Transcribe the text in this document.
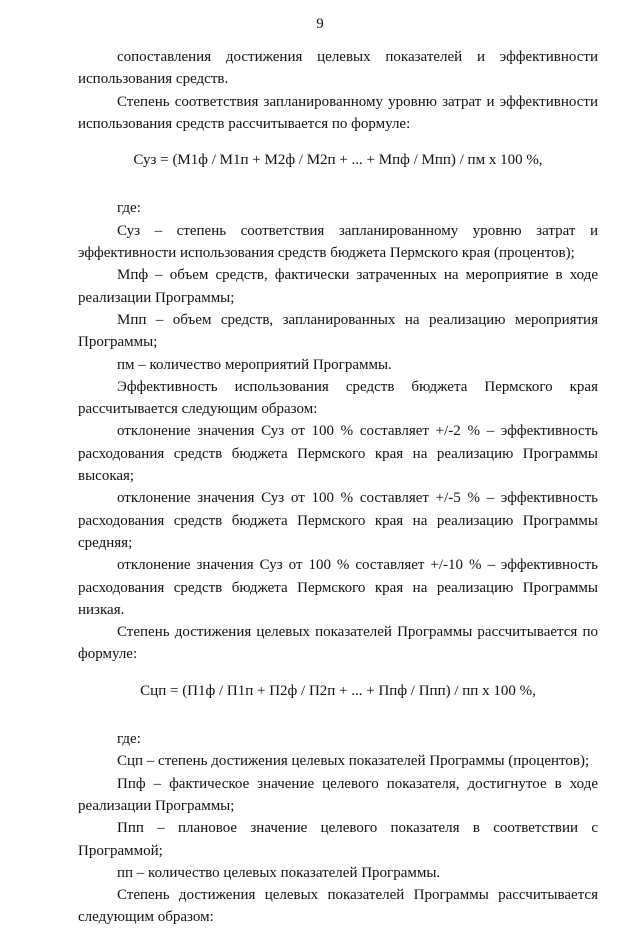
9

сопоставления достижения целевых показателей и эффективности использования средств.

Степень соответствия запланированному уровню затрат и эффективности использования средств рассчитывается по формуле:

Суз = (М1ф / М1п + М2ф / М2п + ... + Мпф / Мпп) / пм х 100 %,

где:

Суз – степень соответствия запланированному уровню затрат и эффективности использования средств бюджета Пермского края (процентов);

Мпф – объем средств, фактически затраченных на мероприятие в ходе реализации Программы;

Мпп – объем средств, запланированных на реализацию мероприятия Программы;

пм – количество мероприятий Программы.

Эффективность использования средств бюджета Пермского края рассчитывается следующим образом:

отклонение значения Суз от 100 % составляет +/-2 % – эффективность расходования средств бюджета Пермского края на реализацию Программы высокая;

отклонение значения Суз от 100 % составляет +/-5 % – эффективность расходования средств бюджета Пермского края на реализацию Программы средняя;

отклонение значения Суз от 100 % составляет +/-10 % – эффективность расходования средств бюджета Пермского края на реализацию Программы низкая.

Степень достижения целевых показателей Программы рассчитывается по формуле:

Сцп = (П1ф / П1п + П2ф / П2п + ... + Ппф / Ппп) / пп х 100 %,

где:

Сцп – степень достижения целевых показателей Программы (процентов);

Ппф – фактическое значение целевого показателя, достигнутое в ходе реализации Программы;

Ппп – плановое значение целевого показателя в соответствии с Программой;

пп – количество целевых показателей Программы.

Степень достижения целевых показателей Программы рассчитывается следующим образом:
